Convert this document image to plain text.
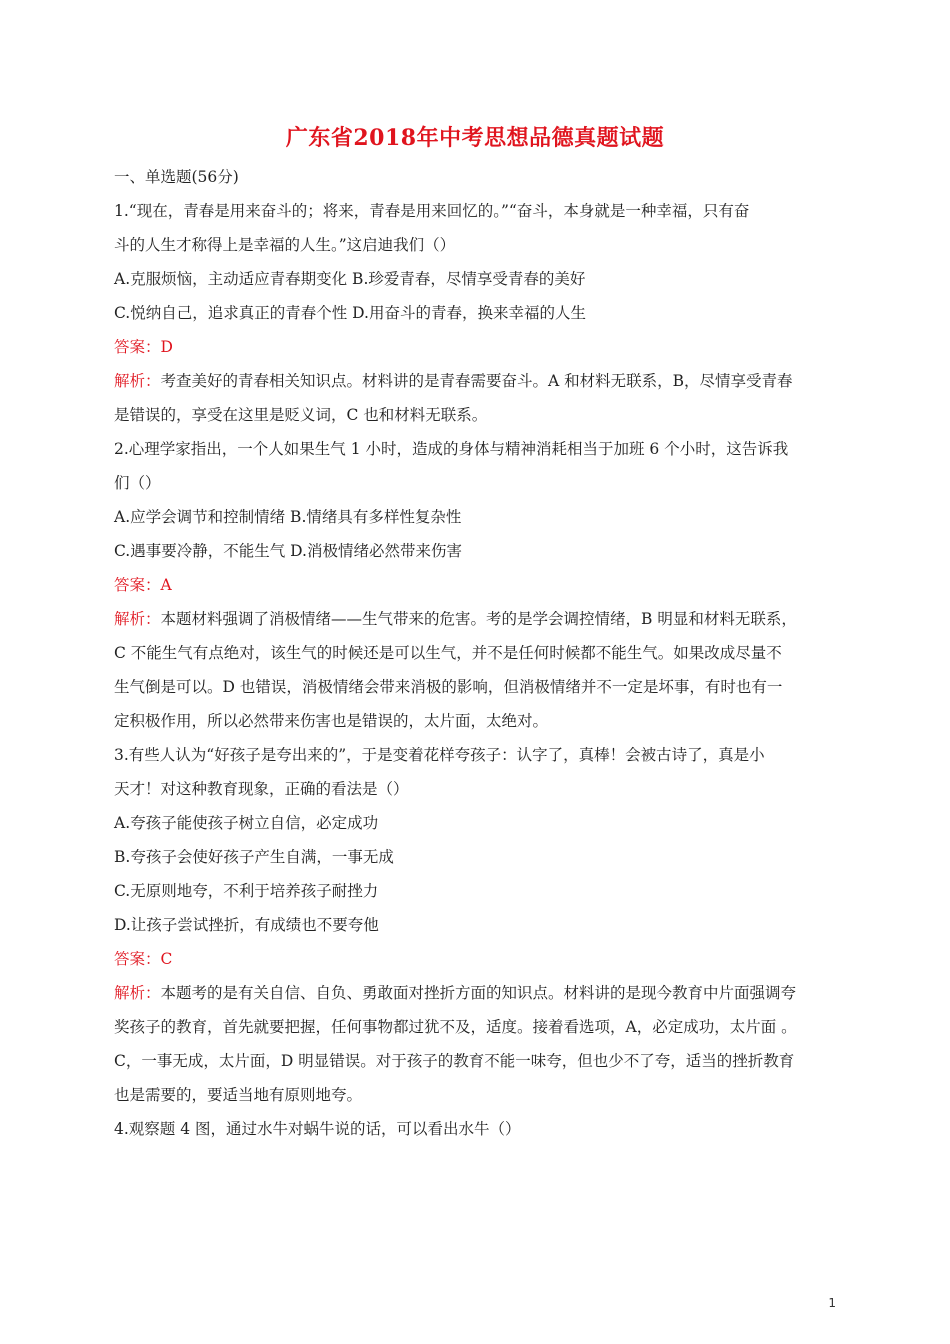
广东省2018年中考思想品德真题试题
一、单选题(56分)
1.“现在，青春是用来奋斗的；将来，青春是用来回忆的。”“奋斗，本身就是一种幸福，只有奋
斗的人生才称得上是幸福的人生。”这启迪我们（）
A.克服烦恼，主动适应青春期变化 B.珍爱青春，尽情享受青春的美好
C.悦纳自己，追求真正的青春个性 D.用奋斗的青春，换来幸福的人生
答案：D
解析：考查美好的青春相关知识点。材料讲的是青春需要奋斗。A 和材料无联系，B，尽情享受青春
是错误的，享受在这里是贬义词，C 也和材料无联系。
2.心理学家指出，一个人如果生气 1 小时，造成的身体与精神消耗相当于加班 6 个小时，这告诉我
们（）
A.应学会调节和控制情绪 B.情绪具有多样性复杂性
C.遇事要冷静，不能生气 D.消极情绪必然带来伤害
答案：A
解析：本题材料强调了消极情绪——生气带来的危害。考的是学会调控情绪，B 明显和材料无联系，
C 不能生气有点绝对，该生气的时候还是可以生气，并不是任何时候都不能生气。如果改成尽量不
生气倒是可以。D 也错误，消极情绪会带来消极的影响，但消极情绪并不一定是坏事，有时也有一
定积极作用，所以必然带来伤害也是错误的，太片面，太绝对。
3.有些人认为“好孩子是夸出来的”，于是变着花样夸孩子：认字了，真棒！会被古诗了，真是小
天才！对这种教育现象，正确的看法是（）
A.夸孩子能使孩子树立自信，必定成功
B.夸孩子会使好孩子产生自满，一事无成
C.无原则地夸，不利于培养孩子耐挫力
D.让孩子尝试挫折，有成绩也不要夸他
答案：C
解析：本题考的是有关自信、自负、勇敢面对挫折方面的知识点。材料讲的是现今教育中片面强调夸
奖孩子的教育，首先就要把握，任何事物都过犹不及，适度。接着看选项，A，必定成功，太片面 。
C，一事无成，太片面，D 明显错误。对于孩子的教育不能一味夸，但也少不了夸，适当的挫折教育
也是需要的，要适当地有原则地夸。
4.观察题 4 图，通过水牛对蜗牛说的话，可以看出水牛（）
1
